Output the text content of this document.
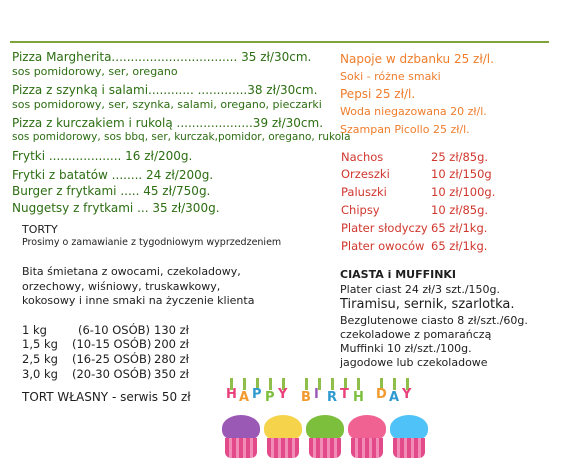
Pizza Margherita................................. 35 zł/30cm.
sos pomidorowy, ser, oregano
Pizza z szynką i salami............ .............38 zł/30cm.
sos pomidorowy, ser, szynka, salami, oregano, pieczarki
Pizza z kurczakiem i rukolą ....................39 zł/30cm.
sos pomidorowy, sos bbq, ser, kurczak,pomidor, oregano, rukola
Frytki ................... 16 zł/200g.
Frytki z batatów ........ 24 zł/200g.
Burger z frytkami ..... 45 zł/750g.
Nuggetsy z frytkami ... 35 zł/300g.
TORTY
Prosimy o zamawianie z tygodniowym wyprzedzeniem
Bita śmietana z owocami, czekoladowy,
orzechowy, wiśniowy, truskawkowy,
kokosowy i inne smaki na życzenie klienta
1 kg	(6-10 OSÓB) 130 zł
1,5 kg (10-15 OSÓB) 200 zł
2,5 kg (16-25 OSÓB) 280 zł
3,0 kg (20-30 OSÓB) 350 zł
TORT WŁASNY - serwis 50 zł
Napoje w dzbanku 25 zł/l.
Soki - różne smaki
Pepsi 25 zł/l.
Woda niegazowana 20 zł/l.
Szampan Picollo 25 zł/l.
Nachos	25 zł/85g.
Orzeszki	10 zł/150g
Paluszki	10 zł/100g.
Chipsy	10 zł/85g.
Plater słodyczy 65 zł/1kg.
Plater owoców 65 zł/1kg.
CIASTA i MUFFINKI
Plater ciast 24 zł/3 szt./150g.
Tiramisu, sernik, szarlotka.
Bezglutenowe ciasto 8 zł/szt./60g.
czekoladowe z pomarańczą
Muffinki 10 zł/szt./100g.
jagodowe lub czekoladowe
H A P P Y B I R T H D A Y
